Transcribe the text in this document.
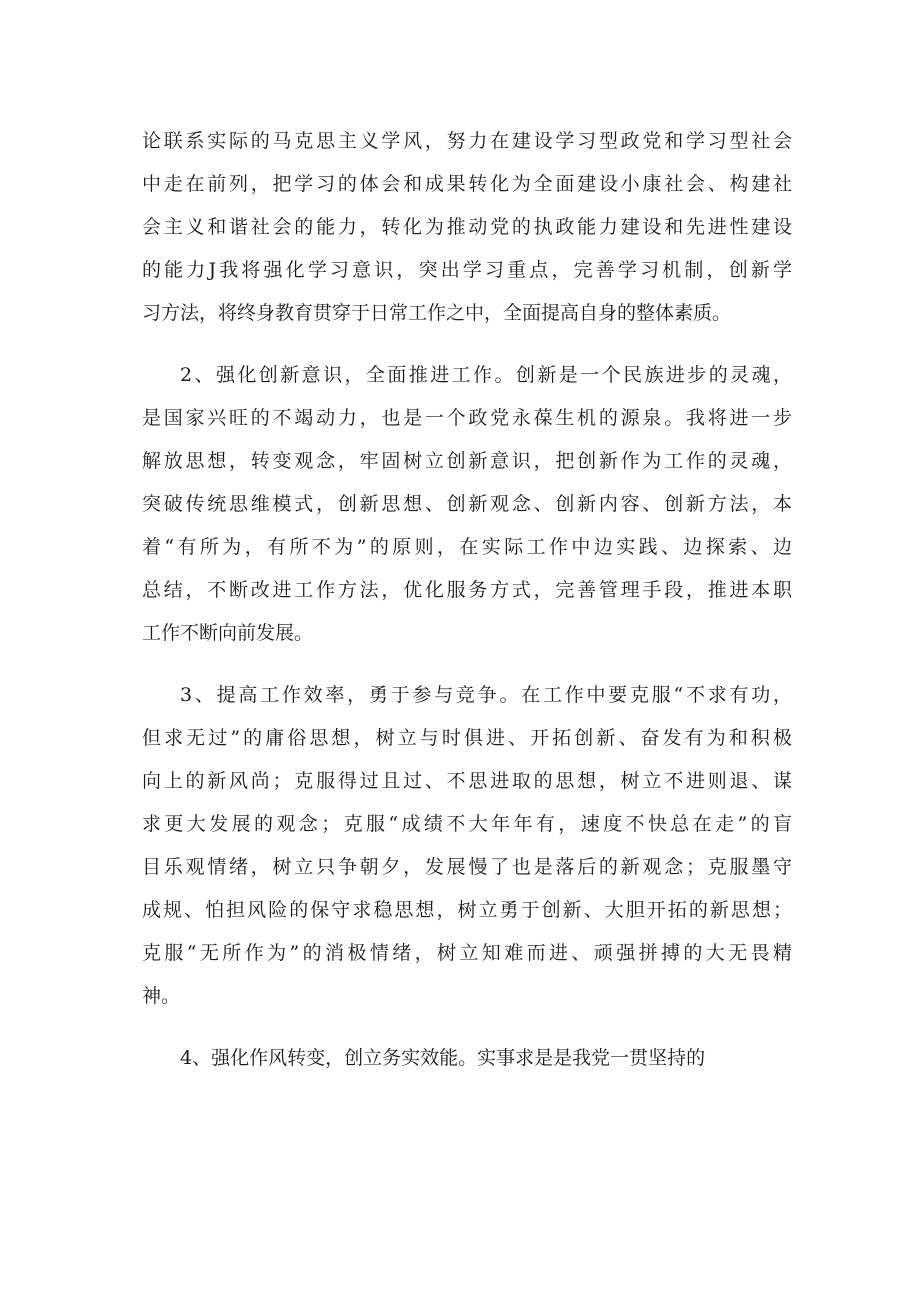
论联系实际的马克思主义学风，努力在建设学习型政党和学习型社会
中走在前列，把学习的体会和成果转化为全面建设小康社会、构建社
会主义和谐社会的能力，转化为推动党的执政能力建设和先进性建设
的能力J我将强化学习意识，突出学习重点，完善学习机制，创新学
习方法，将终身教育贯穿于日常工作之中，全面提高自身的整体素质。
2、强化创新意识，全面推进工作。创新是一个民族进步的灵魂，
是国家兴旺的不竭动力，也是一个政党永葆生机的源泉。我将进一步
解放思想，转变观念，牢固树立创新意识，把创新作为工作的灵魂，
突破传统思维模式，创新思想、创新观念、创新内容、创新方法，本
着“有所为，有所不为”的原则，在实际工作中边实践、边探索、边
总结，不断改进工作方法，优化服务方式，完善管理手段，推进本职
工作不断向前发展。
3、提高工作效率，勇于参与竞争。在工作中要克服“不求有功，
但求无过”的庸俗思想，树立与时俱进、开拓创新、奋发有为和积极
向上的新风尚；克服得过且过、不思进取的思想，树立不进则退、谋
求更大发展的观念；克服“成绩不大年年有，速度不快总在走”的盲
目乐观情绪，树立只争朝夕，发展慢了也是落后的新观念；克服墨守
成规、怕担风险的保守求稳思想，树立勇于创新、大胆开拓的新思想；
克服“无所作为”的消极情绪，树立知难而进、顽强拼搏的大无畏精
神。
4、强化作风转变，创立务实效能。实事求是是我党一贯坚持的
